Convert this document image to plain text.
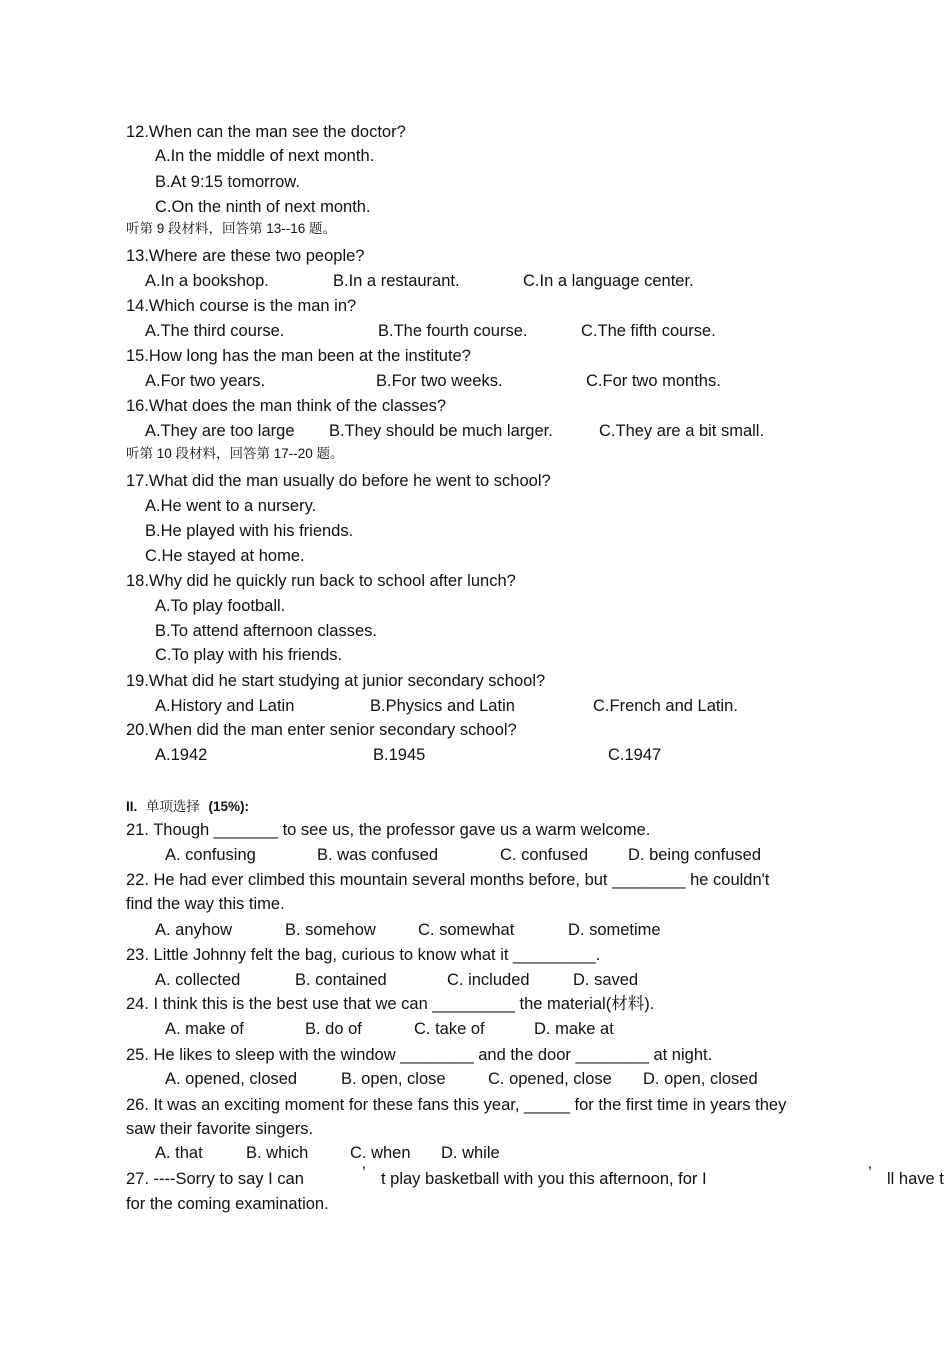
12.When can the man see the doctor?
A.In the middle of next month.
B.At 9:15 tomorrow.
C.On the ninth of next month.
听第 9 段材料，回答第 13--16 题。
13.Where are these two people?
A.In a bookshop.	B.In a restaurant.	C.In a language center.
14.Which course is the man in?
A.The third course.	B.The fourth course.	C.The fifth course.
15.How long has the man been at the institute?
A.For two years.	B.For two weeks.	C.For two months.
16.What does the man think of the classes?
A.They are too large B.They should be much larger.	C.They are a bit small.
听第 10 段材料，回答第 17--20 题。
17.What did the man usually do before he went to school?
A.He went to a nursery.
B.He played with his friends.
C.He stayed at home.
18.Why did he quickly run back to school after lunch?
A.To play football.
B.To attend afternoon classes.
C.To play with his friends.
19.What did he start studying at junior secondary school?
A.History and Latin	B.Physics and Latin	C.French and Latin.
20.When did the man enter senior secondary school?
A.1942	B.1945	C.1947
II. 单项选择 (15%):
21. Though _______ to see us, the professor gave us a warm welcome.
A. confusing	B. was confused	C. confused D. being confused
22. He had ever climbed this mountain several months before, but ________ he couldn't
find the way this time.
A. anyhow	B. somehow	C. somewhat	D. sometime
23. Little Johnny felt the bag, curious to know what it _________.
A. collected	B. contained	C. included	D. saved
24. I think this is the best use that we can _________ the material(材料).
A. make of	B. do of	C. take of	D. make at
25. He likes to sleep with the window ________ and the door ________ at night.
A. opened, closed	B. open, close	C. opened, close D. open, closed
26. It was an exciting moment for these fans this year, _____ for the first time in years they
saw their favorite singers.
A. that	B. which	C. when D. while
27. ----Sorry to say I can	’ t play basketball with you this afternoon, for I	’ ll have t
for the coming examination.
